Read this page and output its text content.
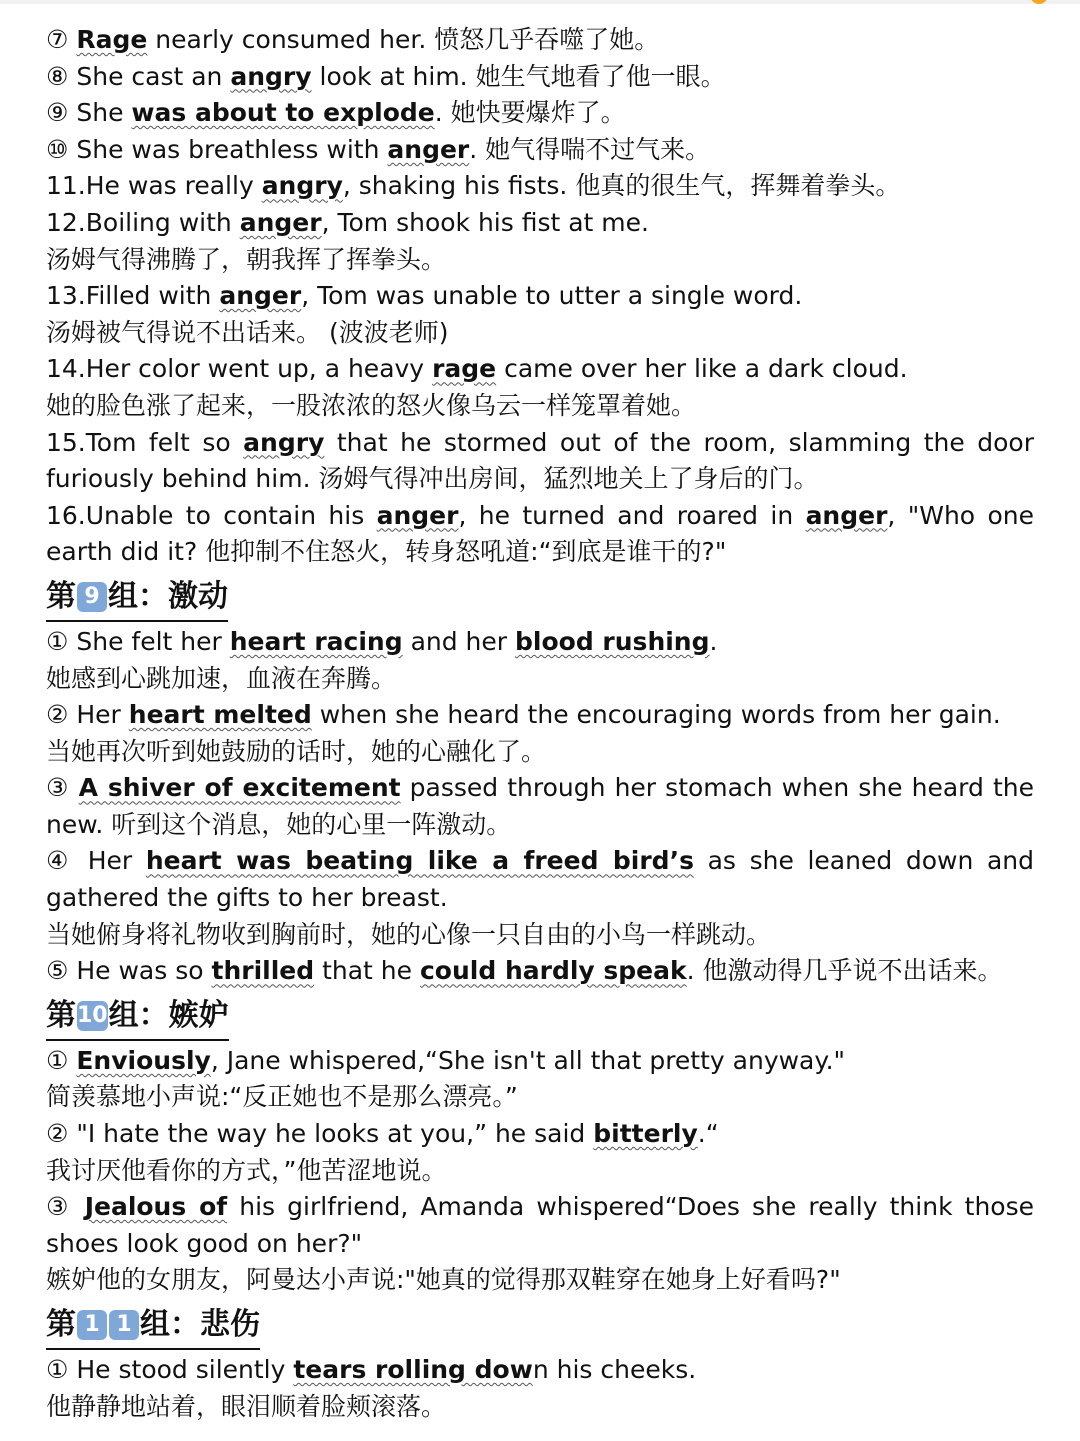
⑦ Rage nearly consumed her. 愤怒几乎吞噬了她。
⑧ She cast an angry look at him. 她生气地看了他一眼。
⑨ She was about to explode. 她快要爆炸了。
⑩ She was breathless with anger. 她气得喘不过气来。
11.He was really angry, shaking his fists. 他真的很生气，挥舞着拳头。
12.Boiling with anger, Tom shook his fist at me.
汤姆气得沸腾了，朝我挥了挥拳头。
13.Filled with anger, Tom was unable to utter a single word.
汤姆被气得说不出话来。 (波波老师)
14.Her color went up, a heavy rage came over her like a dark cloud.
她的脸色涨了起来，一股浓浓的怒火像乌云一样笼罩着她。
15.Tom felt so angry that he stormed out of the room, slamming the door
furiously behind him. 汤姆气得冲出房间，猛烈地关上了身后的门。
16.Unable to contain his anger, he turned and roared in anger, "Who one
earth did it? 他抑制不住怒火，转身怒吼道:“到底是谁干的?"
第 9 组：激动
① She felt her heart racing and her blood rushing.
她感到心跳加速，血液在奔腾。
② Her heart melted when she heard the encouraging words from her gain.
当她再次听到她鼓励的话时，她的心融化了。
③ A shiver of excitement passed through her stomach when she heard the
new. 听到这个消息，她的心里一阵激动。
④ Her heart was beating like a freed bird’s as she leaned down and
gathered the gifts to her breast.
当她俯身将礼物收到胸前时，她的心像一只自由的小鸟一样跳动。
⑤ He was so thrilled that he could hardly speak. 他激动得几乎说不出话来。
第10组：嫉妒
① Enviously, Jane whispered,“She isn't all that pretty anyway."
简羡慕地小声说:“反正她也不是那么漂亮。”
② "I hate the way he looks at you,” he said bitterly.“
我讨厌他看你的方式，”他苦涩地说。
③ Jealous of his girlfriend, Amanda whispered“Does she really think those
shoes look good on her?"
嫉妒他的女朋友，阿曼达小声说:"她真的觉得那双鞋穿在她身上好看吗?"
第 1 1 组：悲伤
① He stood silently tears rolling down his cheeks.
他静静地站着，眼泪顺着脸颊滚落。
